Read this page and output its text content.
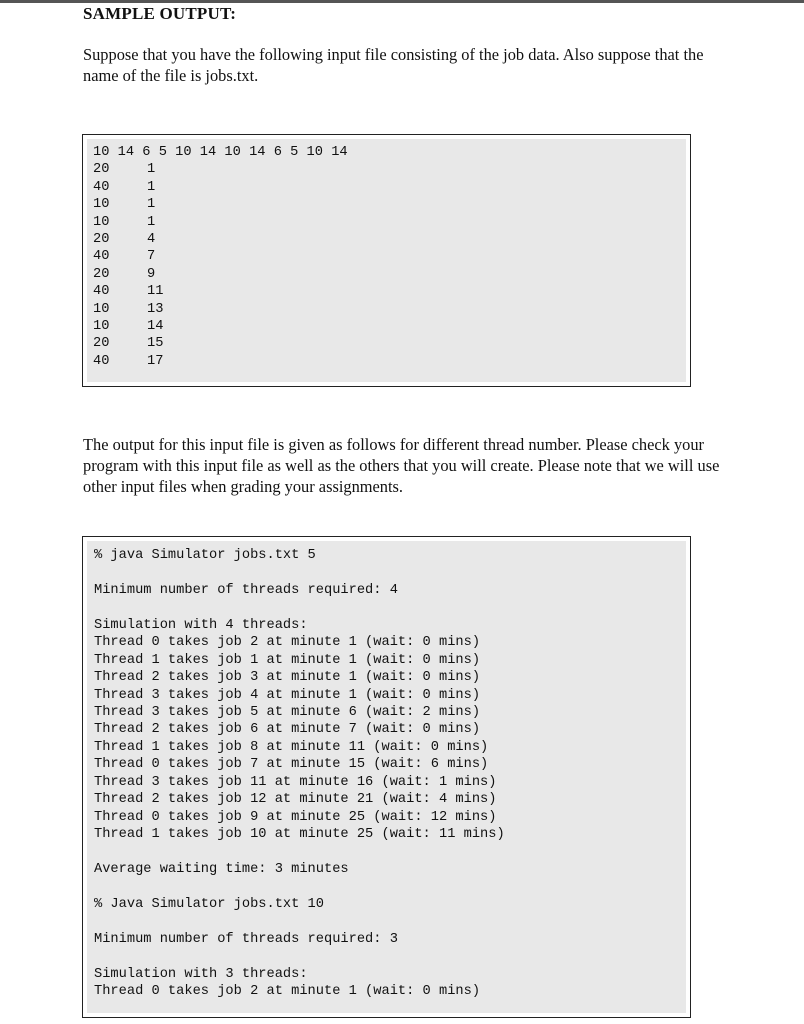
SAMPLE OUTPUT:
Suppose that you have the following input file consisting of the job data. Also suppose that the name of the file is jobs.txt.
10 14 6 5 10 14 10 14 6 5 10 14
20	1
40	1
10	1
10	1
20	4
40	7
20	9
40	11
10	13
10	14
20	15
40	17
The output for this input file is given as follows for different thread number. Please check your program with this input file as well as the others that you will create. Please note that we will use other input files when grading your assignments.
% java Simulator jobs.txt 5
Minimum number of threads required: 4
Simulation with 4 threads:
Thread 0 takes job 2 at minute 1 (wait: 0 mins)
Thread 1 takes job 1 at minute 1 (wait: 0 mins)
Thread 2 takes job 3 at minute 1 (wait: 0 mins)
Thread 3 takes job 4 at minute 1 (wait: 0 mins)
Thread 3 takes job 5 at minute 6 (wait: 2 mins)
Thread 2 takes job 6 at minute 7 (wait: 0 mins)
Thread 1 takes job 8 at minute 11 (wait: 0 mins)
Thread 0 takes job 7 at minute 15 (wait: 6 mins)
Thread 3 takes job 11 at minute 16 (wait: 1 mins)
Thread 2 takes job 12 at minute 21 (wait: 4 mins)
Thread 0 takes job 9 at minute 25 (wait: 12 mins)
Thread 1 takes job 10 at minute 25 (wait: 11 mins)
Average waiting time: 3 minutes
% Java Simulator jobs.txt 10
Minimum number of threads required: 3
Simulation with 3 threads:
Thread 0 takes job 2 at minute 1 (wait: 0 mins)
